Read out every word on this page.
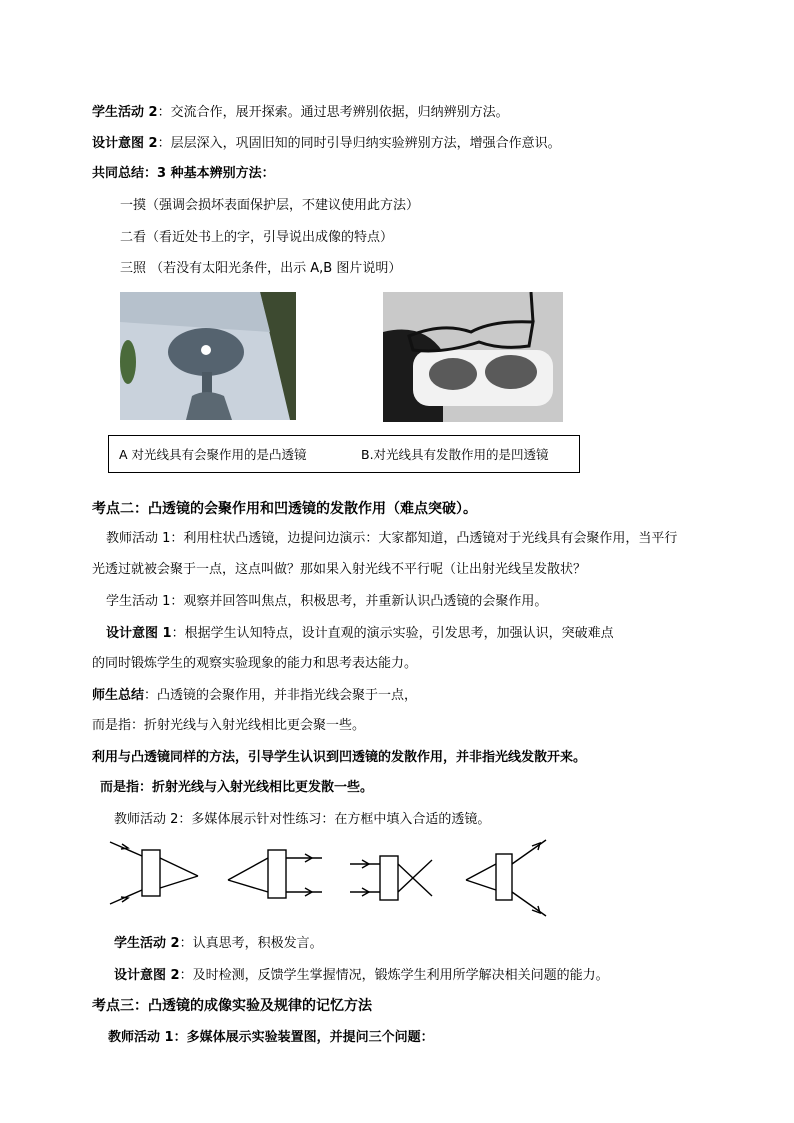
学生活动 2：交流合作，展开探索。通过思考辨别依据，归纳辨别方法。
设计意图 2：层层深入，巩固旧知的同时引导归纳实验辨别方法，增强合作意识。
共同总结：3 种基本辨别方法：
一摸（强调会损坏表面保护层，不建议使用此方法）
二看（看近处书上的字，引导说出成像的特点）
三照 （若没有太阳光条件，出示 A,B 图片说明）
A 对光线具有会聚作用的是凸透镜	B.对光线具有发散作用的是凹透镜
考点二：凸透镜的会聚作用和凹透镜的发散作用（难点突破）。
教师活动 1：利用柱状凸透镜，边提问边演示：大家都知道，凸透镜对于光线具有会聚作用，当平行
光透过就被会聚于一点，这点叫做？那如果入射光线不平行呢（让出射光线呈发散状？
学生活动 1：观察并回答叫焦点，积极思考，并重新认识凸透镜的会聚作用。
设计意图 1：根据学生认知特点，设计直观的演示实验，引发思考，加强认识，突破难点
的同时锻炼学生的观察实验现象的能力和思考表达能力。
师生总结：凸透镜的会聚作用，并非指光线会聚于一点，
而是指：折射光线与入射光线相比更会聚一些。
利用与凸透镜同样的方法，引导学生认识到凹透镜的发散作用，并非指光线发散开来。
而是指：折射光线与入射光线相比更发散一些。
教师活动 2：多媒体展示针对性练习：在方框中填入合适的透镜。
学生活动 2：认真思考，积极发言。
设计意图 2：及时检测，反馈学生掌握情况，锻炼学生利用所学解决相关问题的能力。
考点三：凸透镜的成像实验及规律的记忆方法
教师活动 1：多媒体展示实验装置图，并提问三个问题：
